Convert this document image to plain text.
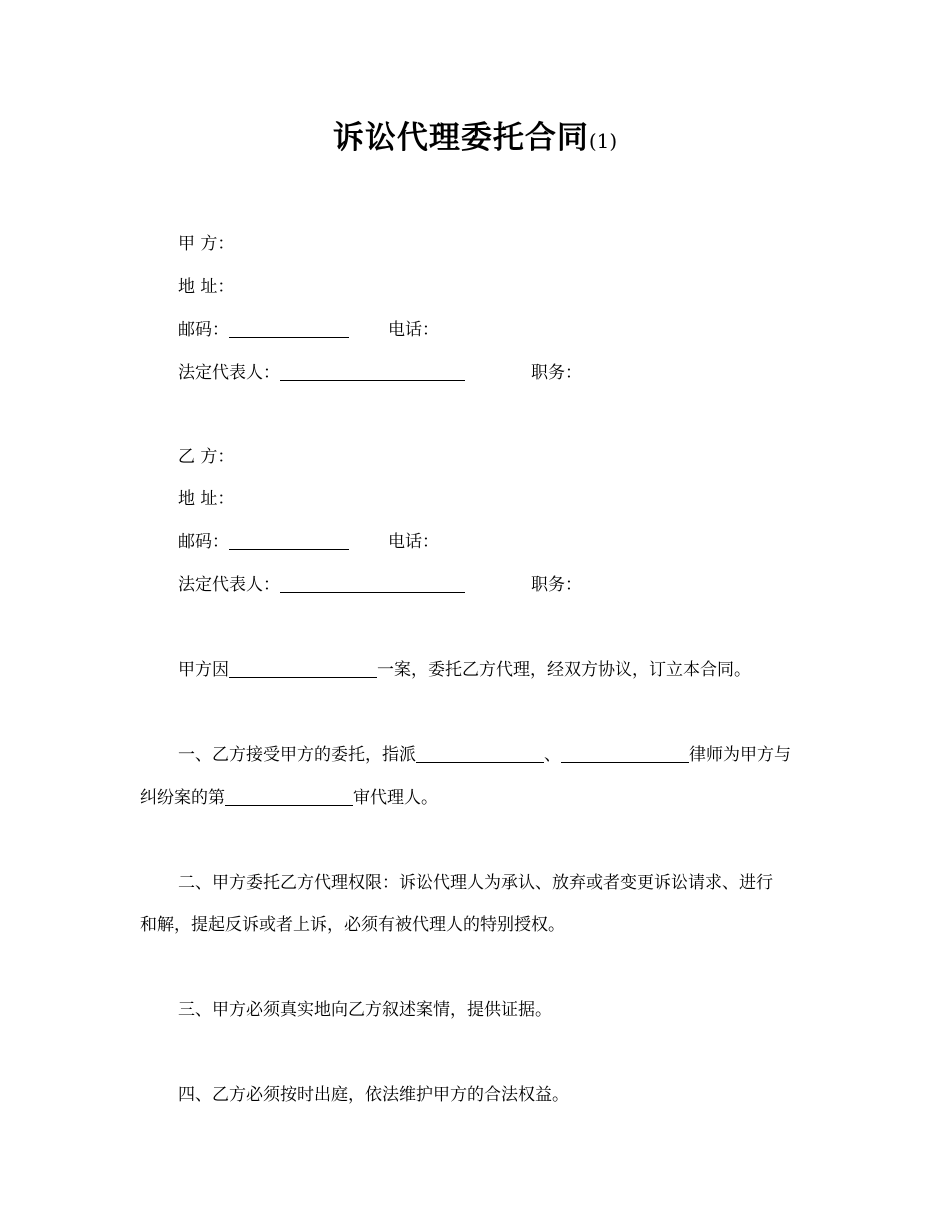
诉讼代理委托合同(1)
甲 方：
地 址：
邮码：	电话：
法定代表人：	职务：
乙 方：
地 址：
邮码：	电话：
法定代表人：	职务：
甲方因	一案，委托乙方代理，经双方协议，订立本合同。
一、乙方接受甲方的委托，指派	、	律师为甲方与
纠纷案的第	审代理人。
二、甲方委托乙方代理权限：诉讼代理人为承认、放弃或者变更诉讼请求、进行
和解，提起反诉或者上诉，必须有被代理人的特别授权。
三、甲方必须真实地向乙方叙述案情，提供证据。
四、乙方必须按时出庭，依法维护甲方的合法权益。
